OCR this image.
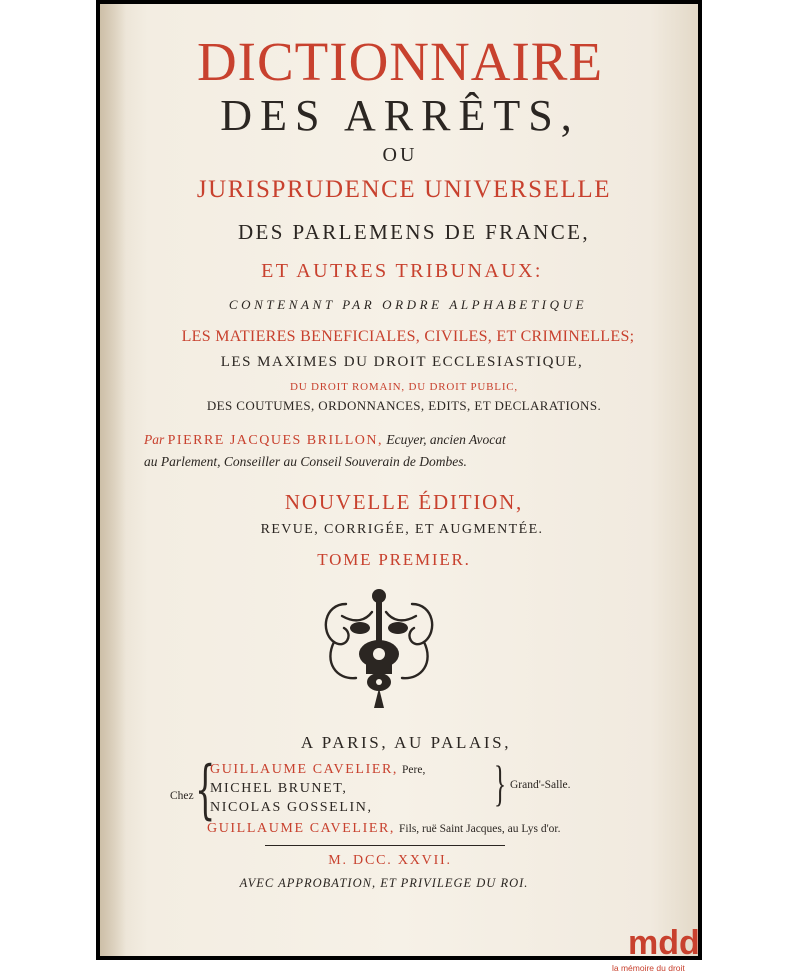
DICTIONNAIRE
DES ARRÊTS,
OU
JURISPRUDENCE UNIVERSELLE
DES PARLEMENS DE FRANCE,
ET AUTRES TRIBUNAUX:
CONTENANT PAR ORDRE ALPHABETIQUE
LES MATIERES BENEFICIALES, CIVILES, ET CRIMINELLES;
LES MAXIMES DU DROIT ECCLESIASTIQUE,
DU DROIT ROMAIN, DU DROIT PUBLIC,
DES COUTUMES, ORDONNANCES, EDITS, ET DECLARATIONS.
Par PIERRE JACQUES BRILLON, Ecuyer, ancien Avocat
au Parlement, Conseiller au Conseil Souverain de Dombes.
NOUVELLE ÉDITION,
REVUE, CORRIGÉE, ET AUGMENTÉE.
TOME PREMIER.
A PARIS, AU PALAIS,
Chez {
GUILLAUME CAVELIER, Pere,
MICHEL BRUNET,
NICOLAS GOSSELIN,
GUILLAUME CAVELIER, Fils, ruë Saint Jacques, au Lys d'or.
} Grand'-Salle.
M. DCC. XXVII.
AVEC APPROBATION, ET PRIVILEGE DU ROI.
mdd
la mémoire du droit
